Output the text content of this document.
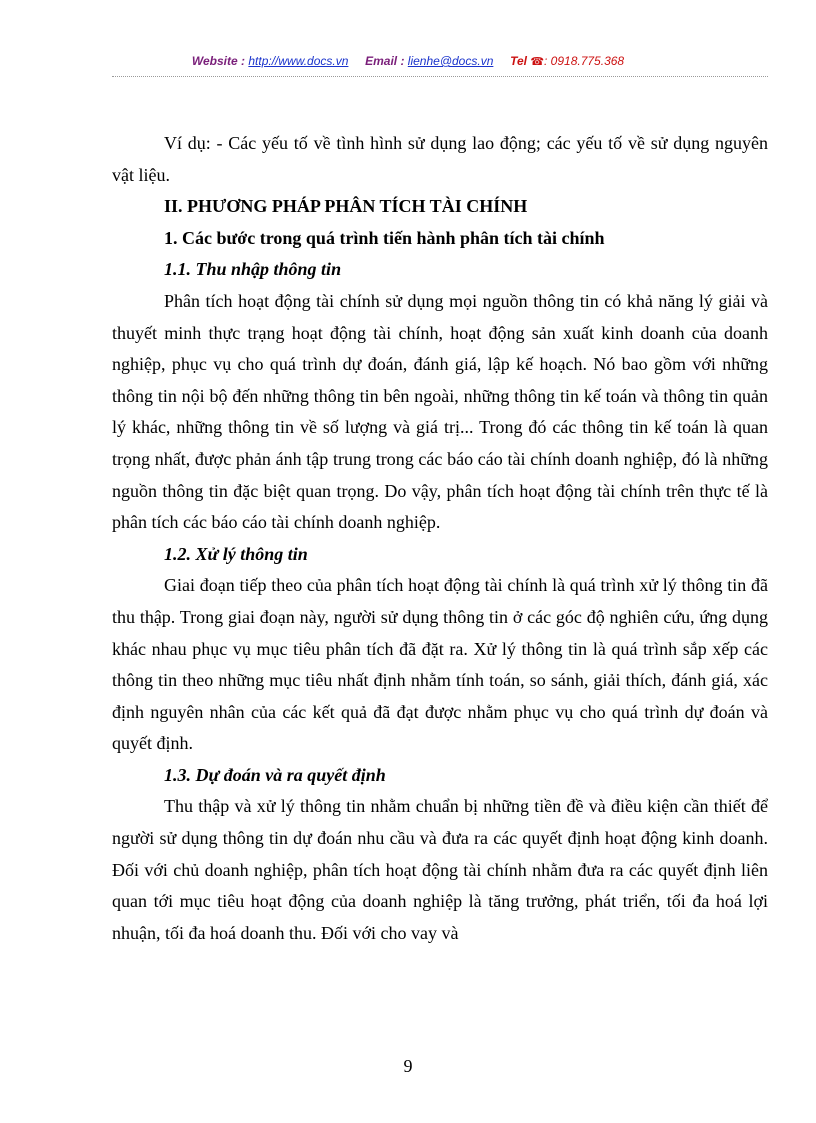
Website : http://www.docs.vn Email : lienhe@docs.vn Tel ☎: 0918.775.368

Ví dụ: - Các yếu tố về tình hình sử dụng lao động; các yếu tố về sử dụng nguyên vật liệu.

II. PHƯƠNG PHÁP PHÂN TÍCH TÀI CHÍNH

1. Các bước trong quá trình tiến hành phân tích tài chính

1.1. Thu nhập thông tin

Phân tích hoạt động tài chính sử dụng mọi nguồn thông tin có khả năng lý giải và thuyết minh thực trạng hoạt động tài chính, hoạt động sản xuất kinh doanh của doanh nghiệp, phục vụ cho quá trình dự đoán, đánh giá, lập kế hoạch. Nó bao gồm với những thông tin nội bộ đến những thông tin bên ngoài, những thông tin kế toán và thông tin quản lý khác, những thông tin về số lượng và giá trị... Trong đó các thông tin kế toán là quan trọng nhất, được phản ánh tập trung trong các báo cáo tài chính doanh nghiệp, đó là những nguồn thông tin đặc biệt quan trọng. Do vậy, phân tích hoạt động tài chính trên thực tế là phân tích các báo cáo tài chính doanh nghiệp.

1.2. Xử lý thông tin

Giai đoạn tiếp theo của phân tích hoạt động tài chính là quá trình xử lý thông tin đã thu thập. Trong giai đoạn này, người sử dụng thông tin ở các góc độ nghiên cứu, ứng dụng khác nhau phục vụ mục tiêu phân tích đã đặt ra. Xử lý thông tin là quá trình sắp xếp các thông tin theo những mục tiêu nhất định nhằm tính toán, so sánh, giải thích, đánh giá, xác định nguyên nhân của các kết quả đã đạt được nhằm phục vụ cho quá trình dự đoán và quyết định.

1.3. Dự đoán và ra quyết định

Thu thập và xử lý thông tin nhằm chuẩn bị những tiền đề và điều kiện cần thiết để người sử dụng thông tin dự đoán nhu cầu và đưa ra các quyết định hoạt động kinh doanh. Đối với chủ doanh nghiệp, phân tích hoạt động tài chính nhằm đưa ra các quyết định liên quan tới mục tiêu hoạt động của doanh nghiệp là tăng trưởng, phát triển, tối đa hoá lợi nhuận, tối đa hoá doanh thu. Đối với cho vay và

9
